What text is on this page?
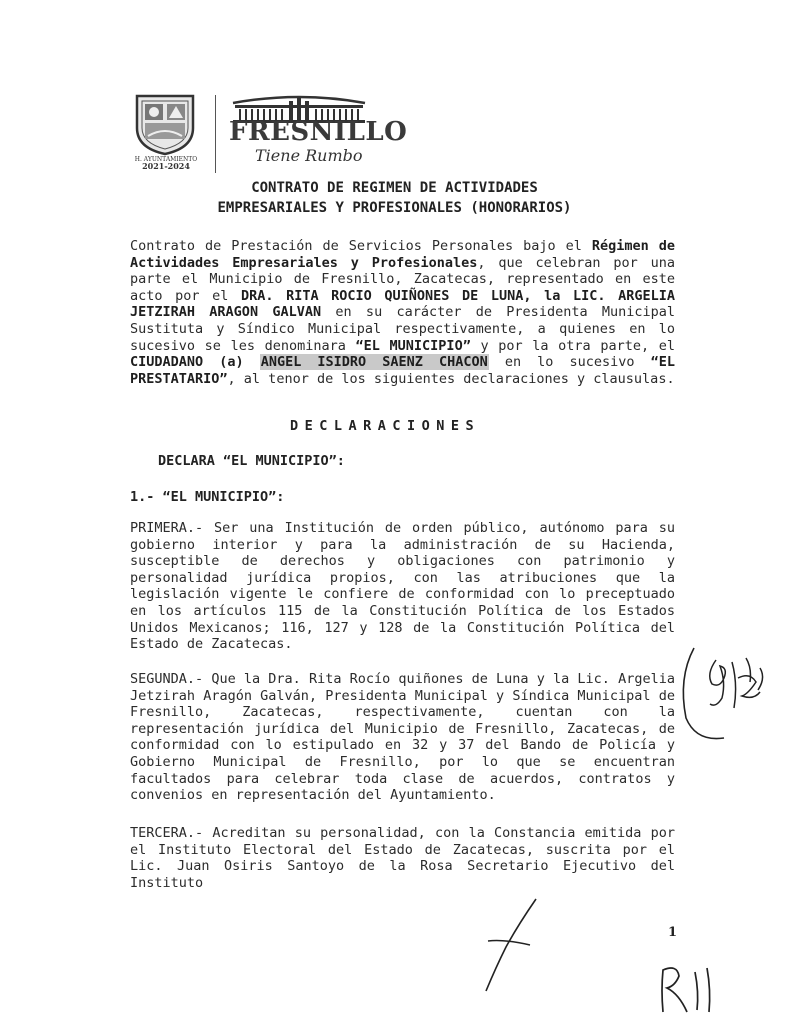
H. AYUNTAMIENTO
2021-2024
FRESNILLO
Tiene Rumbo
CONTRATO DE REGIMEN DE ACTIVIDADES
EMPRESARIALES Y PROFESIONALES (HONORARIOS)
Contrato de Prestación de Servicios Personales bajo el Régimen de Actividades Empresariales y Profesionales, que celebran por una parte el Municipio de Fresnillo, Zacatecas, representado en este acto por el DRA. RITA ROCIO QUIÑONES DE LUNA, la LIC. ARGELIA JETZIRAH ARAGON GALVAN en su carácter de Presidenta Municipal Sustituta y Síndico Municipal respectivamente, a quienes en lo sucesivo se les denominara “EL MUNICIPIO” y por la otra parte, el CIUDADANO (a) ANGEL ISIDRO SAENZ CHACON en lo sucesivo “EL PRESTATARIO”, al tenor de los siguientes declaraciones y clausulas.
DECLARACIONES
DECLARA “EL MUNICIPIO”:
1.- “EL MUNICIPIO”:
PRIMERA.- Ser una Institución de orden público, autónomo para su gobierno interior y para la administración de su Hacienda, susceptible de derechos y obligaciones con patrimonio y personalidad jurídica propios, con las atribuciones que la legislación vigente le confiere de conformidad con lo preceptuado en los artículos 115 de la Constitución Política de los Estados Unidos Mexicanos; 116, 127 y 128 de la Constitución Política del Estado de Zacatecas.
SEGUNDA.- Que la Dra. Rita Rocío quiñones de Luna y la Lic. Argelia Jetzirah Aragón Galván, Presidenta Municipal y Síndica Municipal de Fresnillo, Zacatecas, respectivamente, cuentan con la representación jurídica del Municipio de Fresnillo, Zacatecas, de conformidad con lo estipulado en 32 y 37 del Bando de Policía y Gobierno Municipal de Fresnillo, por lo que se encuentran facultados para celebrar toda clase de acuerdos, contratos y convenios en representación del Ayuntamiento.
TERCERA.- Acreditan su personalidad, con la Constancia emitida por el Instituto Electoral del Estado de Zacatecas, suscrita por el Lic. Juan Osiris Santoyo de la Rosa Secretario Ejecutivo del Instituto
1
